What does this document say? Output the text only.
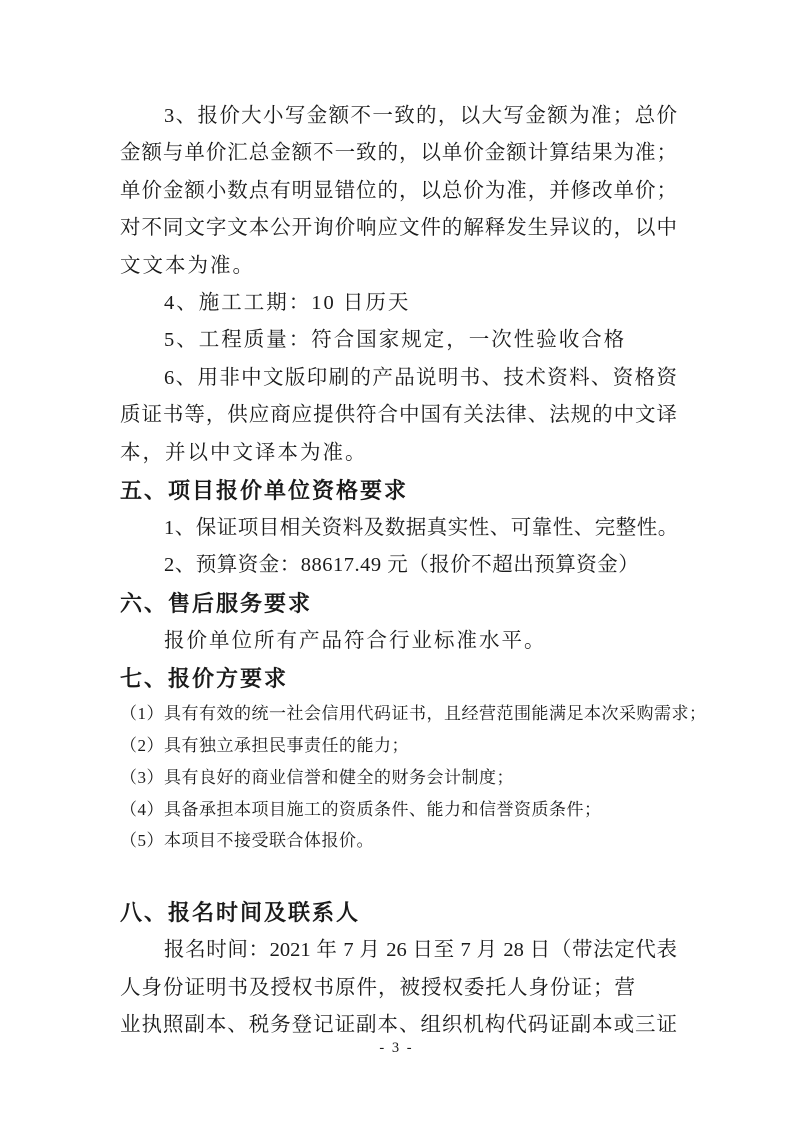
3、报价大小写金额不一致的，以大写金额为准；总价
金额与单价汇总金额不一致的，以单价金额计算结果为准；
单价金额小数点有明显错位的，以总价为准，并修改单价；
对不同文字文本公开询价响应文件的解释发生异议的，以中
文文本为准。
4、施工工期：10 日历天
5、工程质量：符合国家规定，一次性验收合格
6、用非中文版印刷的产品说明书、技术资料、资格资
质证书等，供应商应提供符合中国有关法律、法规的中文译
本，并以中文译本为准。
五、项目报价单位资格要求
1、保证项目相关资料及数据真实性、可靠性、完整性。
2、预算资金：88617.49 元（报价不超出预算资金）
六、售后服务要求
报价单位所有产品符合行业标准水平。
七、报价方要求
（1）具有有效的统一社会信用代码证书，且经营范围能满足本次采购需求；
（2）具有独立承担民事责任的能力；
（3）具有良好的商业信誉和健全的财务会计制度；
（4）具备承担本项目施工的资质条件、能力和信誉资质条件；
（5）本项目不接受联合体报价。
八、报名时间及联系人
报名时间：2021 年 7 月 26 日至 7 月 28 日（带法定代表
人身份证明书及授权书原件，被授权委托人身份证；营
业执照副本、税务登记证副本、组织机构代码证副本或三证
- 3 -
